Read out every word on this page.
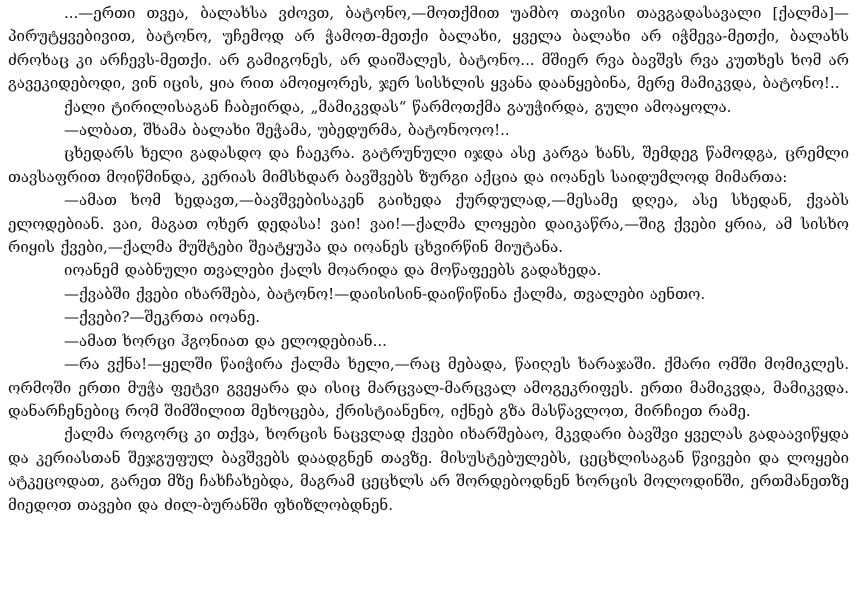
...—ერთი თვეა, ბალახსა ვძოვთ, ბატონო,—მოთქმით უამბო თავისი თავგადასავალი [ქალმა]—პირუტყვებივით, ბატონო, უჩემოდ არ ჭამოთ-მეთქი ბალახი, ყველა ბალახი არ იჭმევა-მეთქი, ბალახს ძროხაც კი არჩევს-მეთქი. არ გამიგონეს, არ დაიშალეს, ბატონო... მშიერ რვა ბავშვს რვა კუთხეს ხომ არ გავეკიდებოდი, ვინ იცის, ყია რით ამოიყორეს, ჯერ სისხლის ყვანა დაანყებინა, მერე მამიკვდა, ბატონო!..

ქალი ტირილისაგან ჩაბჟირდა, „მამიკვდას“ წარმოთქმა გაუჭირდა, გული ამოაყოლა.

—ალბათ, შხამა ბალახი შეჭამა, უბედურმა, ბატონოოო!..

ცხედარს ხელი გადასდო და ჩაეკრა. გატრუნული იჯდა ასე კარგა ხანს, შემდეგ წამოდგა, ცრემლი თავსაფრით მოიწმინდა, კერიას მიმსხდარ ბავშვებს ზურგი აქცია და იოანეს საიდუმლოდ მიმართა:

—ამათ ხომ ხედავთ,—ბავშვებისაკენ გაიხედა ქურდულად,—მესამე დღეა, ასე სხედან, ქვაბს ელოდებიან. ვაი, მაგათ ოხერ დედასა! ვაი! ვაი!—ქალმა ლოყები დაიკაწრა,—შიგ ქვები ყრია, ამ სისხო რიყის ქვები,—ქალმა მუშტები შეატყუპა და იოანეს ცხვირწინ მიუტანა.

იოანემ დაბნული თვალები ქალს მოარიდა და მოწაფეებს გადახედა.

—ქვაბში ქვები იხარშება, ბატონო!—დაისისინ-დაიწიწინა ქალმა, თვალები აენთო.

—ქვები?—შეკრთა იოანე.

—ამათ ხორცი ჰგონიათ და ელოდებიან...

—რა ვქნა!—ყელში წაიჭირა ქალმა ხელი,—რაც მებადა, წაიღეს ხარაჯაში. ქმარი ომში მომიკლეს. ორმოში ერთი მუჭა ფეტვი გვეყარა და ისიც მარცვალ-მარცვალ ამოგეკრიფეს. ერთი მამიკვდა, მამიკვდა. დანარჩენებიც რომ შიმშილით მეხოცება, ქრისტიანენო, იქნებ გზა მასწავლოთ, მირჩიეთ რამე.

ქალმა როგორც კი თქვა, ხორცის ნაცვლად ქვები იხარშებაო, მკვდარი ბავშვი ყველას გადაავიწყდა და კერიასთან შეჯგუფულ ბავშვებს დაადგნენ თავზე. მისუსტებულებს, ცეცხლისაგან წვივები და ლოყები ატკეცოდათ, გარეთ მზე ჩახჩახებდა, მაგრამ ცეცხლს არ შორდებოდნენ ხორცის მოლოდინში, ერთმანეთზე მიედოთ თავები და ძილ-ბურანში ფხიზლობდნენ.
